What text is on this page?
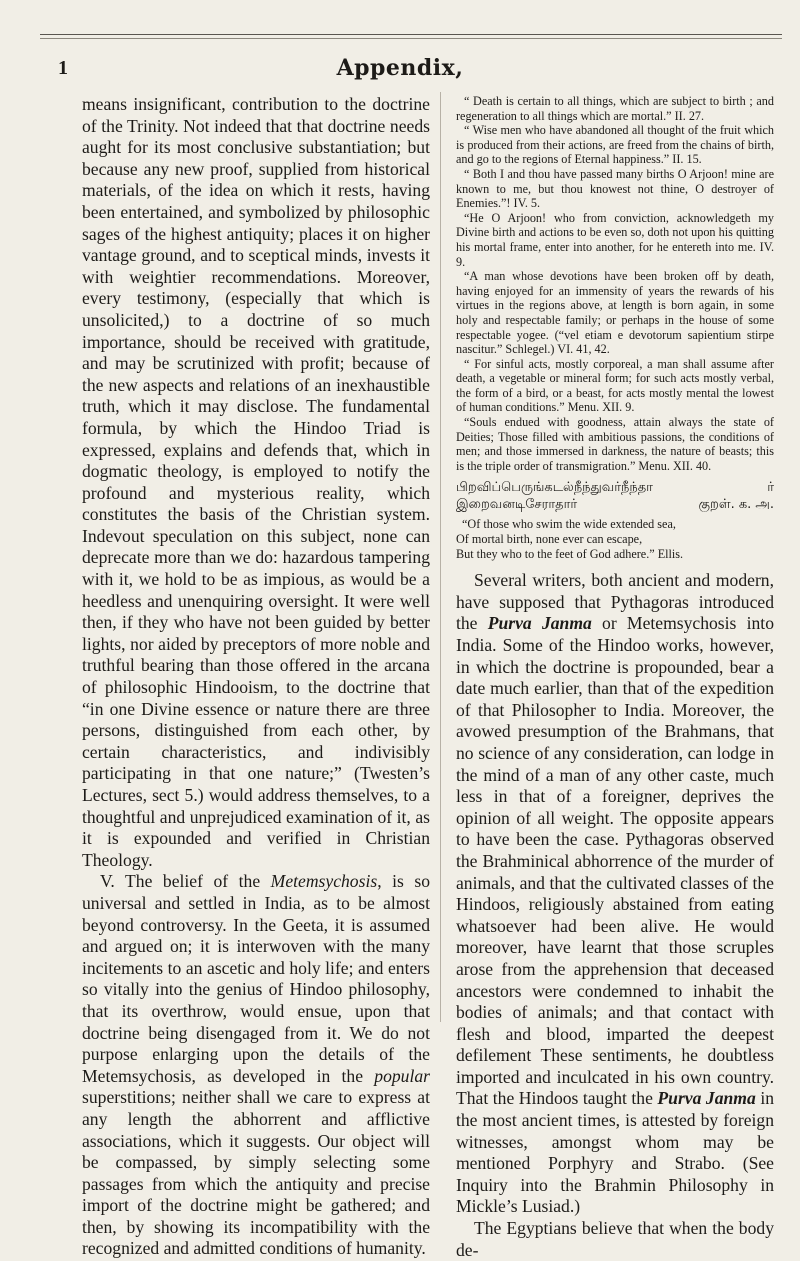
1	Appendix,

means insignificant, contribution to the doctrine of the Trinity. Not indeed that that doctrine needs aught for its most conclusive substantiation; but because any new proof, supplied from historical materials, of the idea on which it rests, having been entertained, and symbolized by philosophic sages of the highest antiquity; places it on higher vantage ground, and to sceptical minds, invests it with weightier recommendations. Moreover, every testimony, (especially that which is unsolicited,) to a doctrine of so much importance, should be received with gratitude, and may be scrutinized with profit; because of the new aspects and relations of an inexhaustible truth, which it may disclose. The fundamental formula, by which the Hindoo Triad is expressed, explains and defends that, which in dogmatic theology, is employed to notify the profound and mysterious reality, which constitutes the basis of the Christian system. Indevout speculation on this subject, none can deprecate more than we do: hazardous tampering with it, we hold to be as impious, as would be a heedless and unenquiring oversight. It were well then, if they who have not been guided by better lights, nor aided by preceptors of more noble and truthful bearing than those offered in the arcana of philosophic Hindooism, to the doctrine that “in one Divine essence or nature there are three persons, distinguished from each other, by certain characteristics, and indivisibly participating in that one nature;” (Twesten’s Lectures, sect 5.) would address themselves, to a thoughtful and unprejudiced examination of it, as it is expounded and verified in Christian Theology.

V. The belief of the Metemsychosis, is so universal and settled in India, as to be almost beyond controversy. In the Geeta, it is assumed and argued on; it is interwoven with the many incitements to an ascetic and holy life; and enters so vitally into the genius of Hindoo philosophy, that its overthrow, would ensue, upon that doctrine being disengaged from it. We do not purpose enlarging upon the details of the Metemsychosis, as developed in the popular superstitions; neither shall we care to express at any length the abhorrent and afflictive associations, which it suggests. Our object will be compassed, by simply selecting some passages from which the antiquity and precise import of the doctrine might be gathered; and then, by showing its incompatibility with the recognized and admitted conditions of humanity.

“ Death is certain to all things, which are subject to birth ; and regeneration to all things which are mortal.” II. 27.

“ Wise men who have abandoned all thought of the fruit which is produced from their actions, are freed from the chains of birth, and go to the regions of Eternal happiness.” II. 15.

“ Both I and thou have passed many births O Arjoon! mine are known to me, but thou knowest not thine, O destroyer of Enemies.”! IV. 5.

“He O Arjoon! who from conviction, acknowledgeth my Divine birth and actions to be even so, doth not upon his quitting his mortal frame, enter into another, for he entereth into me. IV. 9.

“A man whose devotions have been broken off by death, having enjoyed for an immensity of years the rewards of his virtues in the regions above, at length is born again, in some holy and respectable family; or perhaps in the house of some respectable yogee. (“vel etiam e devotorum sapientium stirpe nascitur.” Schlegel.) VI. 41, 42.

“ For sinful acts, mostly corporeal, a man shall assume after death, a vegetable or mineral form; for such acts mostly verbal, the form of a bird, or a beast, for acts mostly mental the lowest of human conditions.” Menu. XII. 9.

“Souls endued with goodness, attain always the state of Deities; Those filled with ambitious passions, the conditions of men; and those immersed in darkness, the nature of beasts; this is the triple order of transmigration.” Menu. XII. 40.

பிறவிப்பெருங்கடல்நீந்துவர்நீந்தா	ர்
இறைவனடிசேராதார்	குறள். க. அ.

“Of those who swim the wide extended sea,

Of mortal birth, none ever can escape,

But they who to the feet of God adhere.” Ellis.

Several writers, both ancient and modern, have supposed that Pythagoras introduced the Purva Janma or Metemsychosis into India. Some of the Hindoo works, however, in which the doctrine is propounded, bear a date much earlier, than that of the expedition of that Philosopher to India. Moreover, the avowed presumption of the Brahmans, that no science of any consideration, can lodge in the mind of a man of any other caste, much less in that of a foreigner, deprives the opinion of all weight. The opposite appears to have been the case. Pythagoras observed the Brahminical abhorrence of the murder of animals, and that the cultivated classes of the Hindoos, religiously abstained from eating whatsoever had been alive. He would moreover, have learnt that those scruples arose from the apprehension that deceased ancestors were condemned to inhabit the bodies of animals; and that contact with flesh and blood, imparted the deepest defilement These sentiments, he doubtless imported and inculcated in his own country. That the Hindoos taught the Purva Janma in the most ancient times, is attested by foreign witnesses, amongst whom may be mentioned Porphyry and Strabo. (See Inquiry into the Brahmin Philosophy in Mickle’s Lusiad.)

The Egyptians believe that when the body de-
